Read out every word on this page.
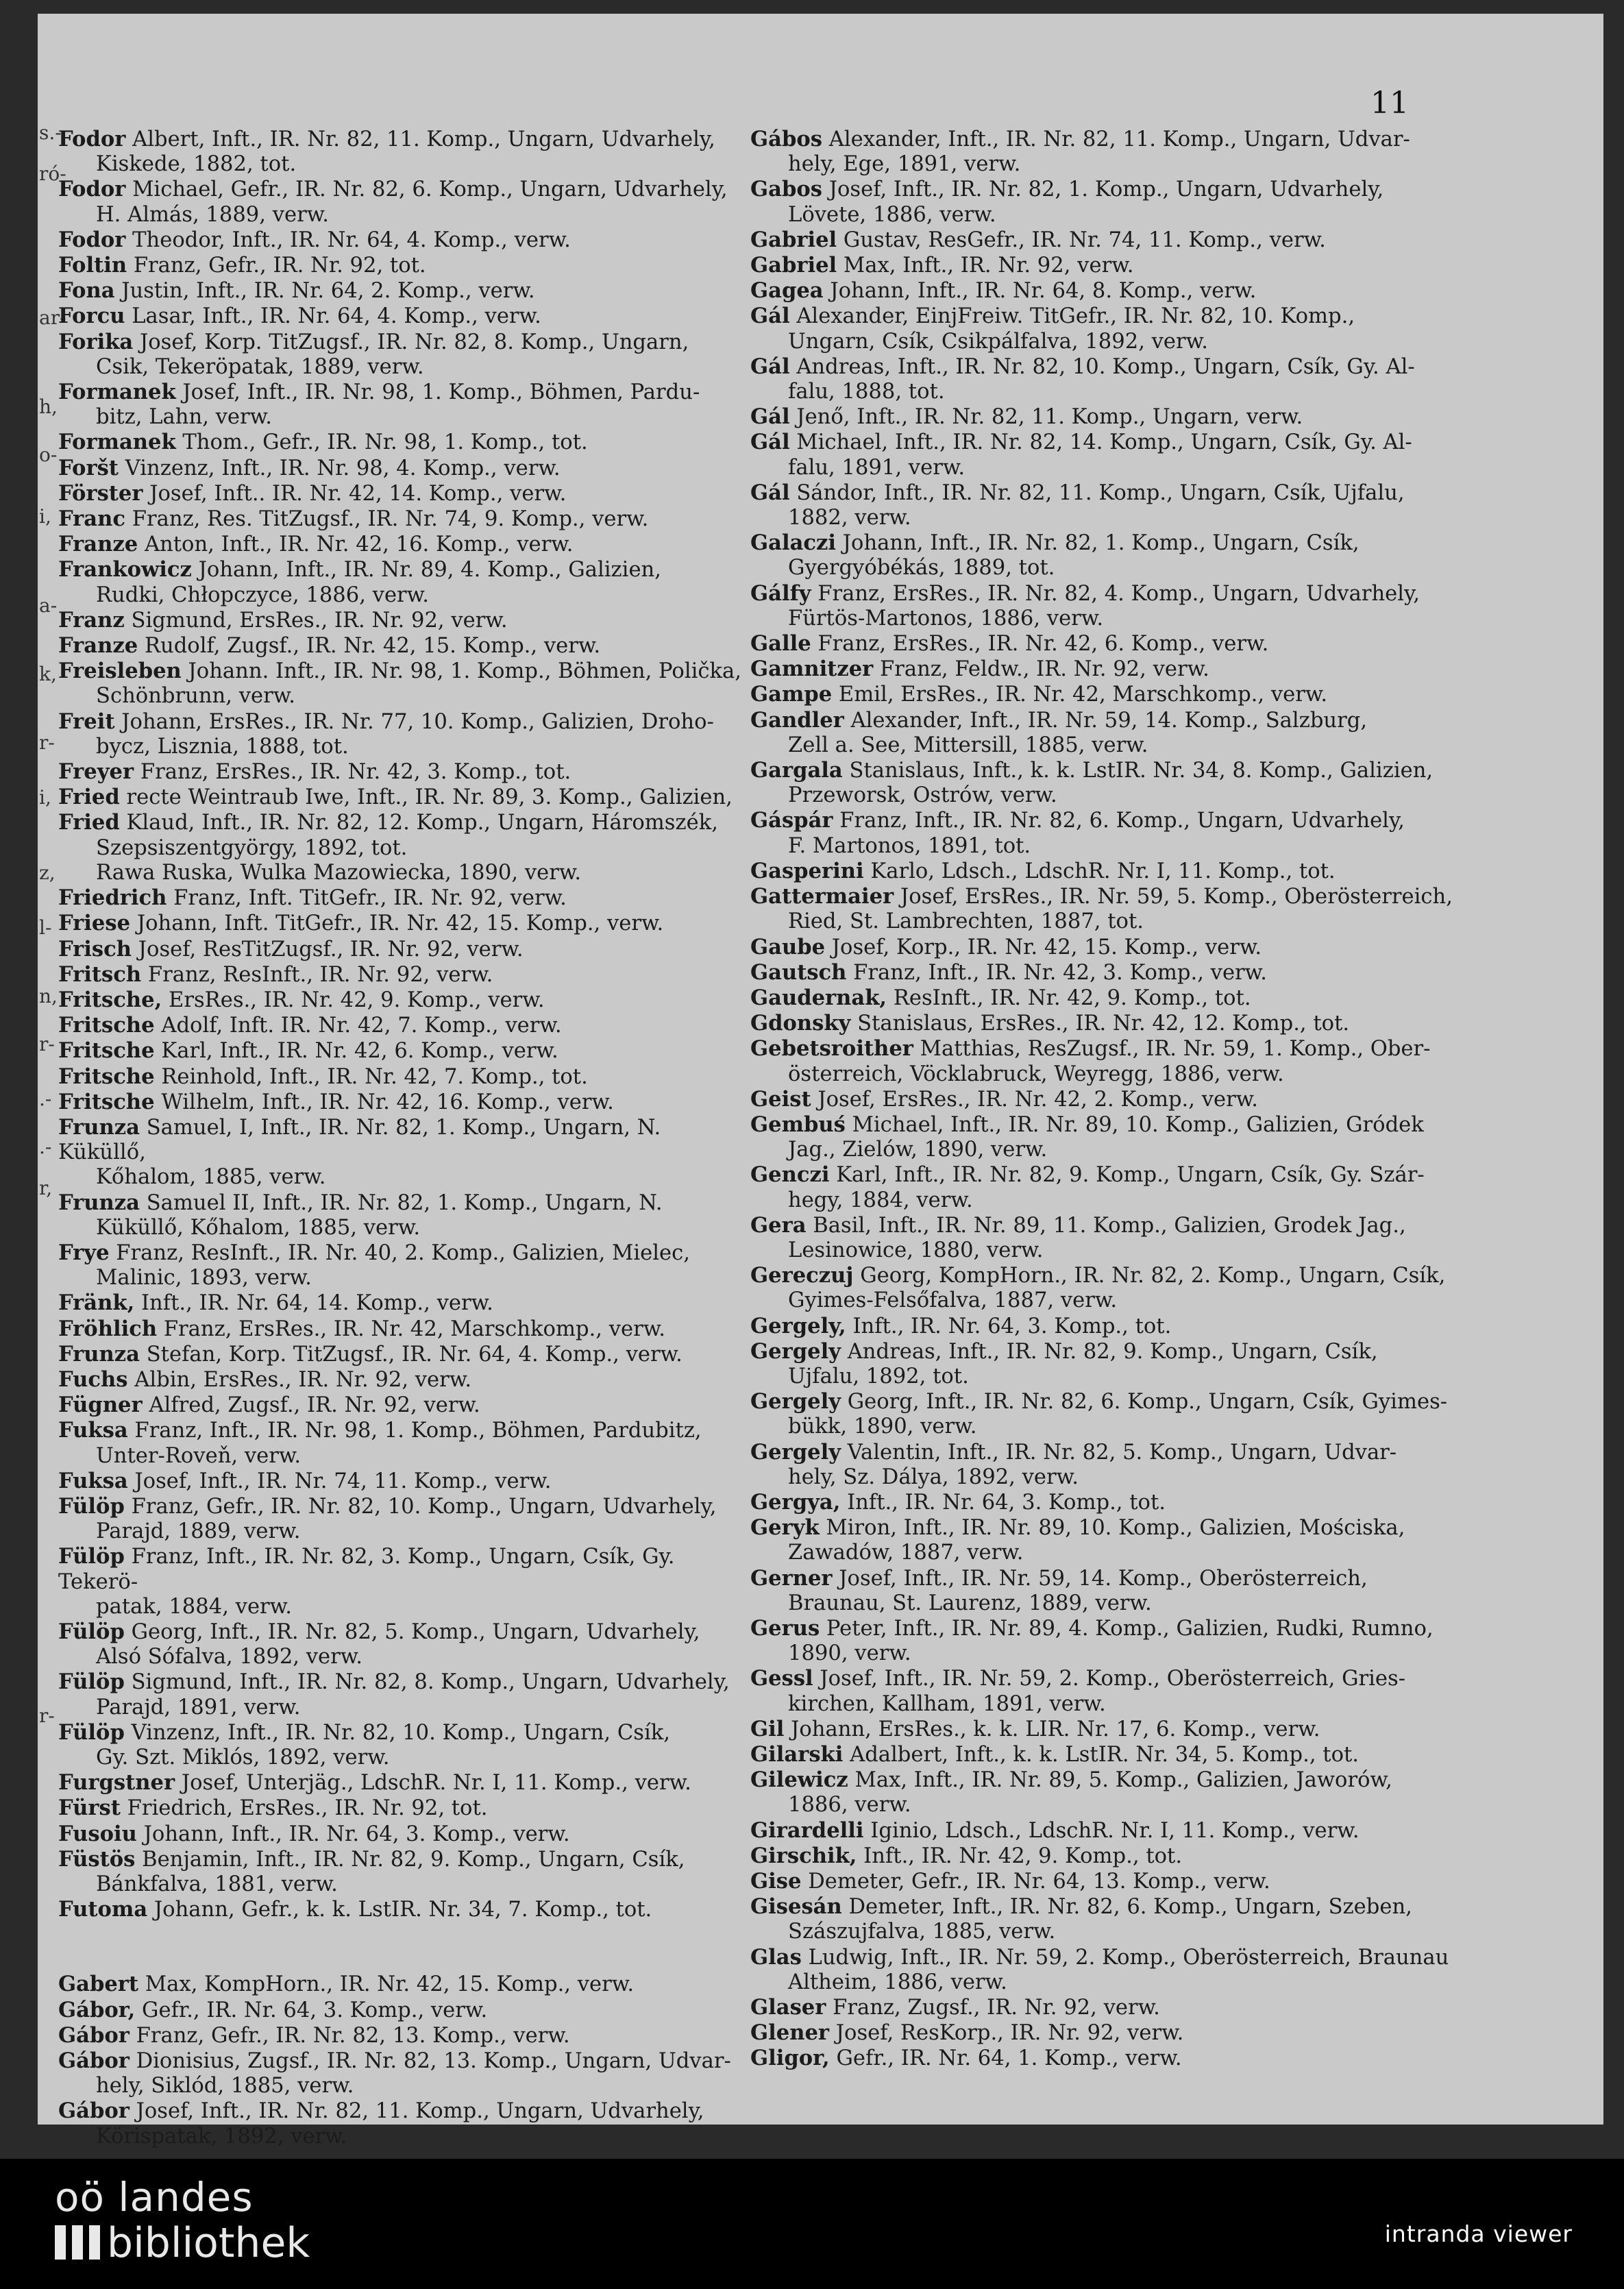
s.-
ró-
ar-
h,
o-
i,
a-
k,
r-
i,
z,
l-
n,
r-
.-
.-
r,
r-
11
Fodor Albert, Inft., IR. Nr. 82, 11. Komp., Ungarn, Udvarhely,
Kiskede, 1882, tot.
Fodor Michael, Gefr., IR. Nr. 82, 6. Komp., Ungarn, Udvarhely,
H. Almás, 1889, verw.
Fodor Theodor, Inft., IR. Nr. 64, 4. Komp., verw.
Foltin Franz, Gefr., IR. Nr. 92, tot.
Fona Justin, Inft., IR. Nr. 64, 2. Komp., verw.
Forcu Lasar, Inft., IR. Nr. 64, 4. Komp., verw.
Forika Josef, Korp. TitZugsf., IR. Nr. 82, 8. Komp., Ungarn,
Csik, Tekeröpatak, 1889, verw.
Formanek Josef, Inft., IR. Nr. 98, 1. Komp., Böhmen, Pardu-
bitz, Lahn, verw.
Formanek Thom., Gefr., IR. Nr. 98, 1. Komp., tot.
Foršt Vinzenz, Inft., IR. Nr. 98, 4. Komp., verw.
Förster Josef, Inft.. IR. Nr. 42, 14. Komp., verw.
Franc Franz, Res. TitZugsf., IR. Nr. 74, 9. Komp., verw.
Franze Anton, Inft., IR. Nr. 42, 16. Komp., verw.
Frankowicz Johann, Inft., IR. Nr. 89, 4. Komp., Galizien,
Rudki, Chłopczyce, 1886, verw.
Franz Sigmund, ErsRes., IR. Nr. 92, verw.
Franze Rudolf, Zugsf., IR. Nr. 42, 15. Komp., verw.
Freisleben Johann. Inft., IR. Nr. 98, 1. Komp., Böhmen, Polička,
Schönbrunn, verw.
Freit Johann, ErsRes., IR. Nr. 77, 10. Komp., Galizien, Droho-
bycz, Lisznia, 1888, tot.
Freyer Franz, ErsRes., IR. Nr. 42, 3. Komp., tot.
Fried recte Weintraub Iwe, Inft., IR. Nr. 89, 3. Komp., Galizien,
Fried Klaud, Inft., IR. Nr. 82, 12. Komp., Ungarn, Háromszék,
Szepsiszentgyörgy, 1892, tot.
Rawa Ruska, Wulka Mazowiecka, 1890, verw.
Friedrich Franz, Inft. TitGefr., IR. Nr. 92, verw.
Friese Johann, Inft. TitGefr., IR. Nr. 42, 15. Komp., verw.
Frisch Josef, ResTitZugsf., IR. Nr. 92, verw.
Fritsch Franz, ResInft., IR. Nr. 92, verw.
Fritsche, ErsRes., IR. Nr. 42, 9. Komp., verw.
Fritsche Adolf, Inft. IR. Nr. 42, 7. Komp., verw.
Fritsche Karl, Inft., IR. Nr. 42, 6. Komp., verw.
Fritsche Reinhold, Inft., IR. Nr. 42, 7. Komp., tot.
Fritsche Wilhelm, Inft., IR. Nr. 42, 16. Komp., verw.
Frunza Samuel, I, Inft., IR. Nr. 82, 1. Komp., Ungarn, N. Küküllő,
Kőhalom, 1885, verw.
Frunza Samuel II, Inft., IR. Nr. 82, 1. Komp., Ungarn, N.
Küküllő, Kőhalom, 1885, verw.
Frye Franz, ResInft., IR. Nr. 40, 2. Komp., Galizien, Mielec,
Malinic, 1893, verw.
Fränk, Inft., IR. Nr. 64, 14. Komp., verw.
Fröhlich Franz, ErsRes., IR. Nr. 42, Marschkomp., verw.
Frunza Stefan, Korp. TitZugsf., IR. Nr. 64, 4. Komp., verw.
Fuchs Albin, ErsRes., IR. Nr. 92, verw.
Fügner Alfred, Zugsf., IR. Nr. 92, verw.
Fuksa Franz, Inft., IR. Nr. 98, 1. Komp., Böhmen, Pardubitz,
Unter-Roveň, verw.
Fuksa Josef, Inft., IR. Nr. 74, 11. Komp., verw.
Fülöp Franz, Gefr., IR. Nr. 82, 10. Komp., Ungarn, Udvarhely,
Parajd, 1889, verw.
Fülöp Franz, Inft., IR. Nr. 82, 3. Komp., Ungarn, Csík, Gy. Tekerö-
patak, 1884, verw.
Fülöp Georg, Inft., IR. Nr. 82, 5. Komp., Ungarn, Udvarhely,
Alsó Sófalva, 1892, verw.
Fülöp Sigmund, Inft., IR. Nr. 82, 8. Komp., Ungarn, Udvarhely,
Parajd, 1891, verw.
Fülöp Vinzenz, Inft., IR. Nr. 82, 10. Komp., Ungarn, Csík,
Gy. Szt. Miklós, 1892, verw.
Furgstner Josef, Unterjäg., LdschR. Nr. I, 11. Komp., verw.
Fürst Friedrich, ErsRes., IR. Nr. 92, tot.
Fusoiu Johann, Inft., IR. Nr. 64, 3. Komp., verw.
Füstös Benjamin, Inft., IR. Nr. 82, 9. Komp., Ungarn, Csík,
Bánkfalva, 1881, verw.
Futoma Johann, Gefr., k. k. LstIR. Nr. 34, 7. Komp., tot.
Gabert Max, KompHorn., IR. Nr. 42, 15. Komp., verw.
Gábor, Gefr., IR. Nr. 64, 3. Komp., verw.
Gábor Franz, Gefr., IR. Nr. 82, 13. Komp., verw.
Gábor Dionisius, Zugsf., IR. Nr. 82, 13. Komp., Ungarn, Udvar-
hely, Siklód, 1885, verw.
Gábor Josef, Inft., IR. Nr. 82, 11. Komp., Ungarn, Udvarhely,
Körispatak, 1892, verw.
Gábos Alexander, Inft., IR. Nr. 82, 11. Komp., Ungarn, Udvar-
hely, Ege, 1891, verw.
Gabos Josef, Inft., IR. Nr. 82, 1. Komp., Ungarn, Udvarhely,
Lövete, 1886, verw.
Gabriel Gustav, ResGefr., IR. Nr. 74, 11. Komp., verw.
Gabriel Max, Inft., IR. Nr. 92, verw.
Gagea Johann, Inft., IR. Nr. 64, 8. Komp., verw.
Gál Alexander, EinjFreiw. TitGefr., IR. Nr. 82, 10. Komp.,
Ungarn, Csík, Csikpálfalva, 1892, verw.
Gál Andreas, Inft., IR. Nr. 82, 10. Komp., Ungarn, Csík, Gy. Al-
falu, 1888, tot.
Gál Jenő, Inft., IR. Nr. 82, 11. Komp., Ungarn, verw.
Gál Michael, Inft., IR. Nr. 82, 14. Komp., Ungarn, Csík, Gy. Al-
falu, 1891, verw.
Gál Sándor, Inft., IR. Nr. 82, 11. Komp., Ungarn, Csík, Ujfalu,
1882, verw.
Galaczi Johann, Inft., IR. Nr. 82, 1. Komp., Ungarn, Csík,
Gyergyóbékás, 1889, tot.
Gálfy Franz, ErsRes., IR. Nr. 82, 4. Komp., Ungarn, Udvarhely,
Fürtös-Martonos, 1886, verw.
Galle Franz, ErsRes., IR. Nr. 42, 6. Komp., verw.
Gamnitzer Franz, Feldw., IR. Nr. 92, verw.
Gampe Emil, ErsRes., IR. Nr. 42, Marschkomp., verw.
Gandler Alexander, Inft., IR. Nr. 59, 14. Komp., Salzburg,
Zell a. See, Mittersill, 1885, verw.
Gargala Stanislaus, Inft., k. k. LstIR. Nr. 34, 8. Komp., Galizien,
Przeworsk, Ostrów, verw.
Gáspár Franz, Inft., IR. Nr. 82, 6. Komp., Ungarn, Udvarhely,
F. Martonos, 1891, tot.
Gasperini Karlo, Ldsch., LdschR. Nr. I, 11. Komp., tot.
Gattermaier Josef, ErsRes., IR. Nr. 59, 5. Komp., Oberösterreich,
Ried, St. Lambrechten, 1887, tot.
Gaube Josef, Korp., IR. Nr. 42, 15. Komp., verw.
Gautsch Franz, Inft., IR. Nr. 42, 3. Komp., verw.
Gaudernak, ResInft., IR. Nr. 42, 9. Komp., tot.
Gdonsky Stanislaus, ErsRes., IR. Nr. 42, 12. Komp., tot.
Gebetsroither Matthias, ResZugsf., IR. Nr. 59, 1. Komp., Ober-
österreich, Vöcklabruck, Weyregg, 1886, verw.
Geist Josef, ErsRes., IR. Nr. 42, 2. Komp., verw.
Gembuś Michael, Inft., IR. Nr. 89, 10. Komp., Galizien, Gródek
Jag., Zielów, 1890, verw.
Genczi Karl, Inft., IR. Nr. 82, 9. Komp., Ungarn, Csík, Gy. Szár-
hegy, 1884, verw.
Gera Basil, Inft., IR. Nr. 89, 11. Komp., Galizien, Grodek Jag.,
Lesinowice, 1880, verw.
Gereczuj Georg, KompHorn., IR. Nr. 82, 2. Komp., Ungarn, Csík,
Gyimes-Felsőfalva, 1887, verw.
Gergely, Inft., IR. Nr. 64, 3. Komp., tot.
Gergely Andreas, Inft., IR. Nr. 82, 9. Komp., Ungarn, Csík,
Ujfalu, 1892, tot.
Gergely Georg, Inft., IR. Nr. 82, 6. Komp., Ungarn, Csík, Gyimes-
bükk, 1890, verw.
Gergely Valentin, Inft., IR. Nr. 82, 5. Komp., Ungarn, Udvar-
hely, Sz. Dálya, 1892, verw.
Gergya, Inft., IR. Nr. 64, 3. Komp., tot.
Geryk Miron, Inft., IR. Nr. 89, 10. Komp., Galizien, Mościska,
Zawadów, 1887, verw.
Gerner Josef, Inft., IR. Nr. 59, 14. Komp., Oberösterreich,
Braunau, St. Laurenz, 1889, verw.
Gerus Peter, Inft., IR. Nr. 89, 4. Komp., Galizien, Rudki, Rumno,
1890, verw.
Gessl Josef, Inft., IR. Nr. 59, 2. Komp., Oberösterreich, Gries-
kirchen, Kallham, 1891, verw.
Gil Johann, ErsRes., k. k. LIR. Nr. 17, 6. Komp., verw.
Gilarski Adalbert, Inft., k. k. LstIR. Nr. 34, 5. Komp., tot.
Gilewicz Max, Inft., IR. Nr. 89, 5. Komp., Galizien, Jaworów,
1886, verw.
Girardelli Iginio, Ldsch., LdschR. Nr. I, 11. Komp., verw.
Girschik, Inft., IR. Nr. 42, 9. Komp., tot.
Gise Demeter, Gefr., IR. Nr. 64, 13. Komp., verw.
Gisesán Demeter, Inft., IR. Nr. 82, 6. Komp., Ungarn, Szeben,
Szászujfalva, 1885, verw.
Glas Ludwig, Inft., IR. Nr. 59, 2. Komp., Oberösterreich, Braunau
Altheim, 1886, verw.
Glaser Franz, Zugsf., IR. Nr. 92, verw.
Glener Josef, ResKorp., IR. Nr. 92, verw.
Gligor, Gefr., IR. Nr. 64, 1. Komp., verw.
oö landes
bibliothek	intranda viewer
